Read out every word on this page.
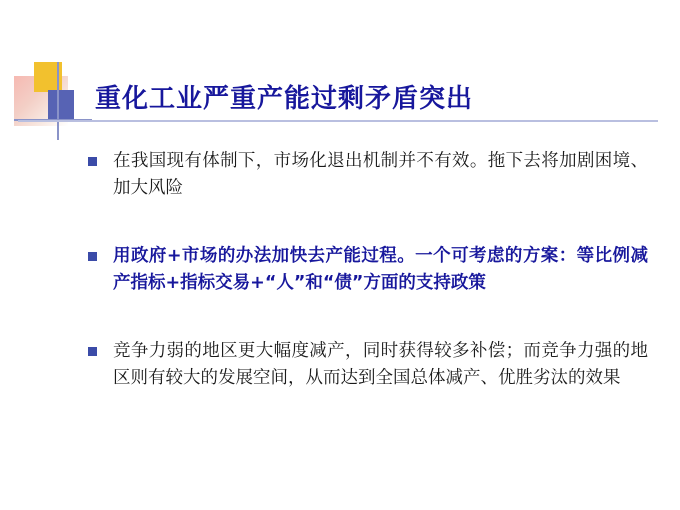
重化工业严重产能过剩矛盾突出
在我国现有体制下，市场化退出机制并不有效。拖下去将加剧困境、加大风险
用政府+市场的办法加快去产能过程。一个可考虑的方案：等比例减产指标+指标交易+“人”和“债”方面的支持政策
竞争力弱的地区更大幅度减产，同时获得较多补偿；而竞争力强的地区则有较大的发展空间，从而达到全国总体减产、优胜劣汰的效果
